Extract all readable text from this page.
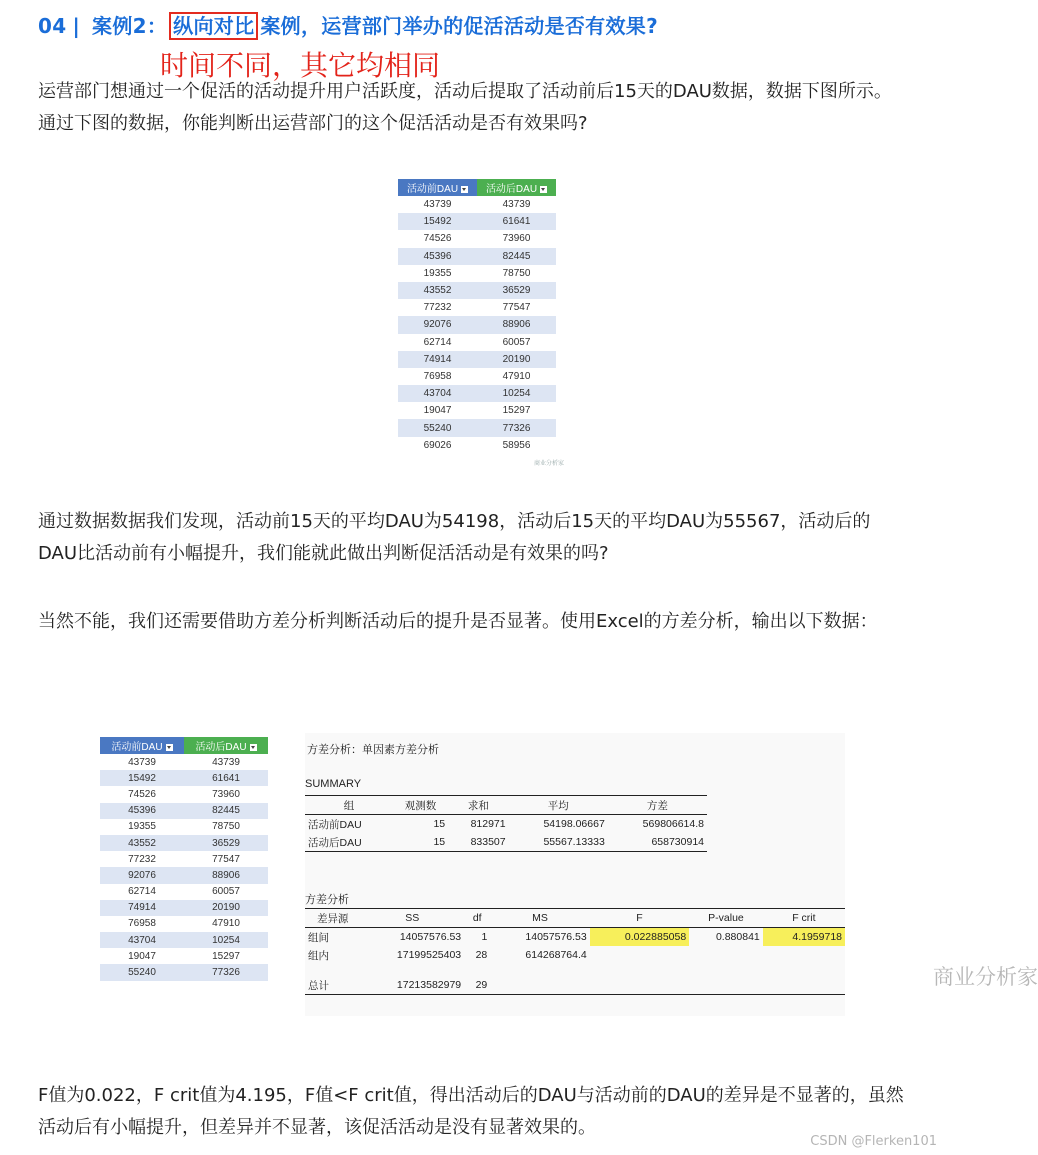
04 | 案例2： 纵向对比 案例，运营部门举办的促活活动是否有效果?
时间不同，其它均相同
运营部门想通过一个促活的活动提升用户活跃度，活动后提取了活动前后15天的DAU数据，数据下图所示。通过下图的数据，你能判断出运营部门的这个促活活动是否有效果吗?
活动前DAU	活动后DAU
43739	43739
15492	61641
74526	73960
45396	82445
19355	78750
43552	36529
77232	77547
92076	88906
62714	60057
74914	20190
76958	47910
43704	10254
19047	15297
55240	77326
69026	58956
商业分析家
通过数据数据我们发现，活动前15天的平均DAU为54198，活动后15天的平均DAU为55567，活动后的DAU比活动前有小幅提升，我们能就此做出判断促活活动是有效果的吗?
当然不能，我们还需要借助方差分析判断活动后的提升是否显著。使用Excel的方差分析，输出以下数据：
活动前DAU	活动后DAU
43739	43739
15492	61641
74526	73960
45396	82445
19355	78750
43552	36529
77232	77547
92076	88906
62714	60057
74914	20190
76958	47910
43704	10254
19047	15297
55240	77326
方差分析：单因素方差分析
SUMMARY
组	观测数	求和	平均	方差
活动前DAU	15	812971	54198.06667	569806614.8
活动后DAU	15	833507	55567.13333	658730914
方差分析
差异源	SS	df	MS	F	P-value	F crit
组间	14057576.53	1	14057576.53	0.022885058	0.880841	4.1959718
组内	17199525403	28	614268764.4			

总计	17213582979	29					商业分析家
F值为0.022，F crit值为4.195，F值<F crit值，得出活动后的DAU与活动前的DAU的差异是不显著的，虽然活动后有小幅提升，但差异并不显著，该促活活动是没有显著效果的。
CSDN @Flerken101
